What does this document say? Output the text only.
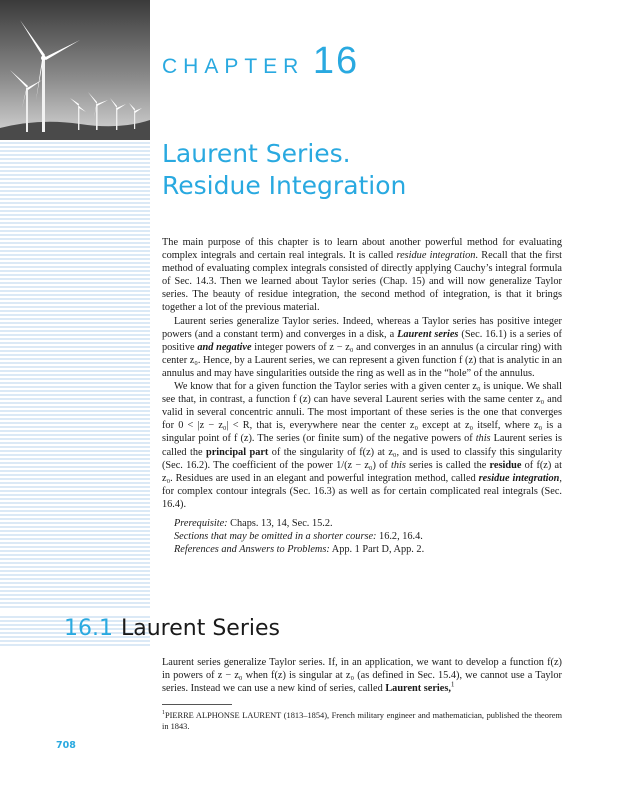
CHAPTER 16
Laurent Series.
Residue Integration

The main purpose of this chapter is to learn about another powerful method for evaluating complex integrals and certain real integrals. It is called residue integration. Recall that the first method of evaluating complex integrals consisted of directly applying Cauchy’s integral formula of Sec. 14.3. Then we learned about Taylor series (Chap. 15) and will now generalize Taylor series. The beauty of residue integration, the second method of integration, is that it brings together a lot of the previous material.

Laurent series generalize Taylor series. Indeed, whereas a Taylor series has positive integer powers (and a constant term) and converges in a disk, a Laurent series (Sec. 16.1) is a series of positive and negative integer powers of z − z₀ and converges in an annulus (a circular ring) with center z₀. Hence, by a Laurent series, we can represent a given function f (z) that is analytic in an annulus and may have singularities outside the ring as well as in the “hole” of the annulus.

We know that for a given function the Taylor series with a given center z₀ is unique. We shall see that, in contrast, a function f (z) can have several Laurent series with the same center z₀ and valid in several concentric annuli. The most important of these series is the one that converges for 0 < |z − z₀| < R, that is, everywhere near the center z₀ except at z₀ itself, where z₀ is a singular point of f (z). The series (or finite sum) of the negative powers of this Laurent series is called the principal part of the singularity of f(z) at z₀, and is used to classify this singularity (Sec. 16.2). The coefficient of the power 1/(z − z₀) of this series is called the residue of f(z) at z₀. Residues are used in an elegant and powerful integration method, called residue integration, for complex contour integrals (Sec. 16.3) as well as for certain complicated real integrals (Sec. 16.4).

Prerequisite: Chaps. 13, 14, Sec. 15.2.
Sections that may be omitted in a shorter course: 16.2, 16.4.
References and Answers to Problems: App. 1 Part D, App. 2.
16.1 Laurent Series
Laurent series generalize Taylor series. If, in an application, we want to develop a function f(z) in powers of z − z₀ when f(z) is singular at z₀ (as defined in Sec. 15.4), we cannot use a Taylor series. Instead we can use a new kind of series, called Laurent series,$^1$
$^1$PIERRE ALPHONSE LAURENT (1813–1854), French military engineer and mathematician, published the theorem in 1843.
708
